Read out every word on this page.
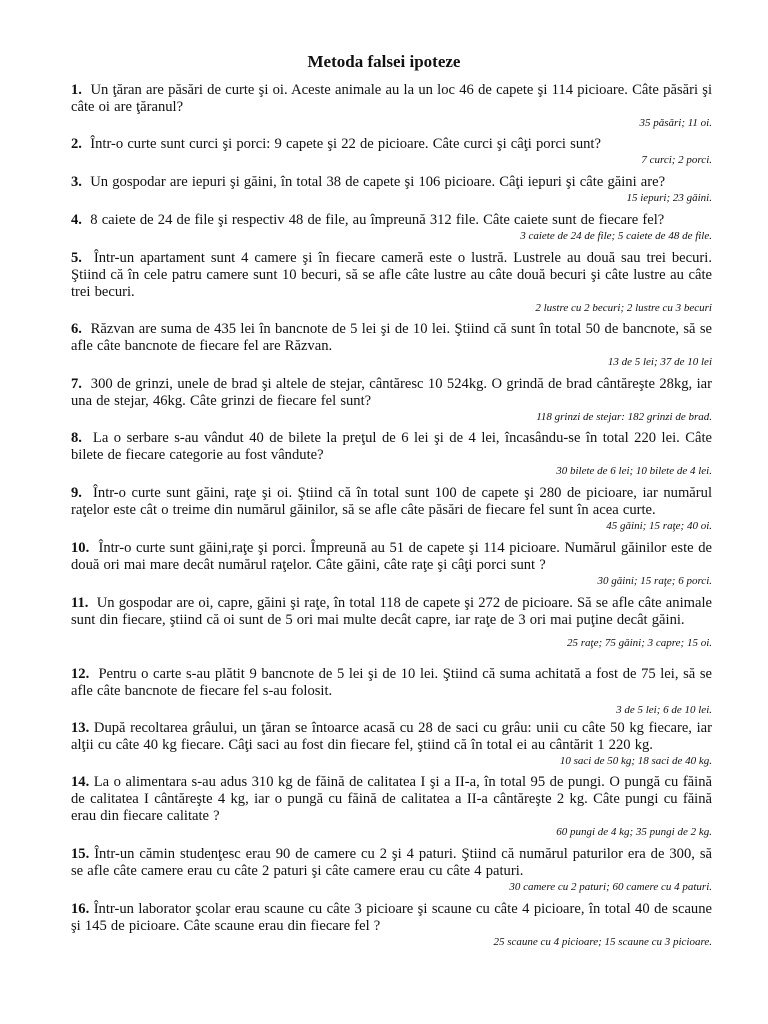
Metoda falsei ipoteze
1. Un ţăran are păsări de curte şi oi. Aceste animale au la un loc 46 de capete şi 114 picioare. Câte păsări şi câte oi are ţăranul?
35 păsări; 11 oi.
2. Într-o curte sunt curci şi porci: 9 capete şi 22 de picioare. Câte curci şi câţi porci sunt?
7 curci; 2 porci.
3. Un gospodar are iepuri şi găini, în total 38 de capete şi 106 picioare. Câţi iepuri şi câte găini are?
15 iepuri; 23 găini.
4. 8 caiete de 24 de file şi respectiv 48 de file, au împreună 312 file. Câte caiete sunt de fiecare fel?
3 caiete de 24 de file; 5 caiete de 48 de file.
5. Într-un apartament sunt 4 camere şi în fiecare cameră este o lustră. Lustrele au două sau trei becuri. Ştiind că în cele patru camere sunt 10 becuri, să se afle câte lustre au câte două becuri şi câte lustre au câte trei becuri.
2 lustre cu 2 becuri; 2 lustre cu 3 becuri
6. Răzvan are suma de 435 lei în bancnote de 5 lei şi de 10 lei. Ştiind că sunt în total 50 de bancnote, să se afle câte bancnote de fiecare fel are Răzvan.
13 de 5 lei; 37 de 10 lei
7. 300 de grinzi, unele de brad şi altele de stejar, cântăresc 10 524kg. O grindă de brad cântăreşte 28kg, iar una de stejar, 46kg. Câte grinzi de fiecare fel sunt?
118 grinzi de stejar: 182 grinzi de brad.
8. La o serbare s-au vândut 40 de bilete la preţul de 6 lei şi de 4 lei, încasându-se în total 220 lei. Câte bilete de fiecare categorie au fost vândute?
30 bilete de 6 lei; 10 bilete de 4 lei.
9. Într-o curte sunt găini, raţe şi oi. Ştiind că în total sunt 100 de capete şi 280 de picioare, iar numărul raţelor este cât o treime din numărul găinilor, să se afle câte păsări de fiecare fel sunt în acea curte.
45 găini; 15 raţe; 40 oi.
10. Într-o curte sunt găini,raţe şi porci. Împreună au 51 de capete şi 114 picioare. Numărul găinilor este de două ori mai mare decât numărul raţelor. Câte găini, câte raţe şi câţi porci sunt ?
30 găini; 15 raţe; 6 porci.
11. Un gospodar are oi, capre, găini şi raţe, în total 118 de capete şi 272 de picioare. Să se afle câte animale sunt din fiecare, ştiind că oi sunt de 5 ori mai multe decât capre, iar raţe de 3 ori mai puţine decât găini.
25 raţe; 75 găini; 3 capre; 15 oi.
12. Pentru o carte s-au plătit 9 bancnote de 5 lei şi de 10 lei. Ştiind că suma achitată a fost de 75 lei, să se afle câte bancnote de fiecare fel s-au folosit.
3 de 5 lei; 6 de 10 lei.
13. După recoltarea grâului, un ţăran se întoarce acasă cu 28 de saci cu grâu: unii cu câte 50 kg fiecare, iar alţii cu câte 40 kg fiecare. Câţi saci au fost din fiecare fel, ştiind că în total ei au cântărit 1 220 kg.
10 saci de 50 kg; 18 saci de 40 kg.
14. La o alimentara s-au adus 310 kg de făină de calitatea I şi a II-a, în total 95 de pungi. O pungă cu făină de calitatea I cântăreşte 4 kg, iar o pungă cu făină de calitatea a II-a cântăreşte 2 kg. Câte pungi cu făină erau din fiecare calitate ?
60 pungi de 4 kg; 35 pungi de 2 kg.
15. Într-un cămin studenţesc erau 90 de camere cu 2 şi 4 paturi. Ştiind că numărul paturilor era de 300, să se afle câte camere erau cu câte 2 paturi şi câte camere erau cu câte 4 paturi.
30 camere cu 2 paturi; 60 camere cu 4 paturi.
16. Într-un laborator şcolar erau scaune cu câte 3 picioare şi scaune cu câte 4 picioare, în total 40 de scaune şi 145 de picioare. Câte scaune erau din fiecare fel ?
25 scaune cu 4 picioare; 15 scaune cu 3 picioare.
